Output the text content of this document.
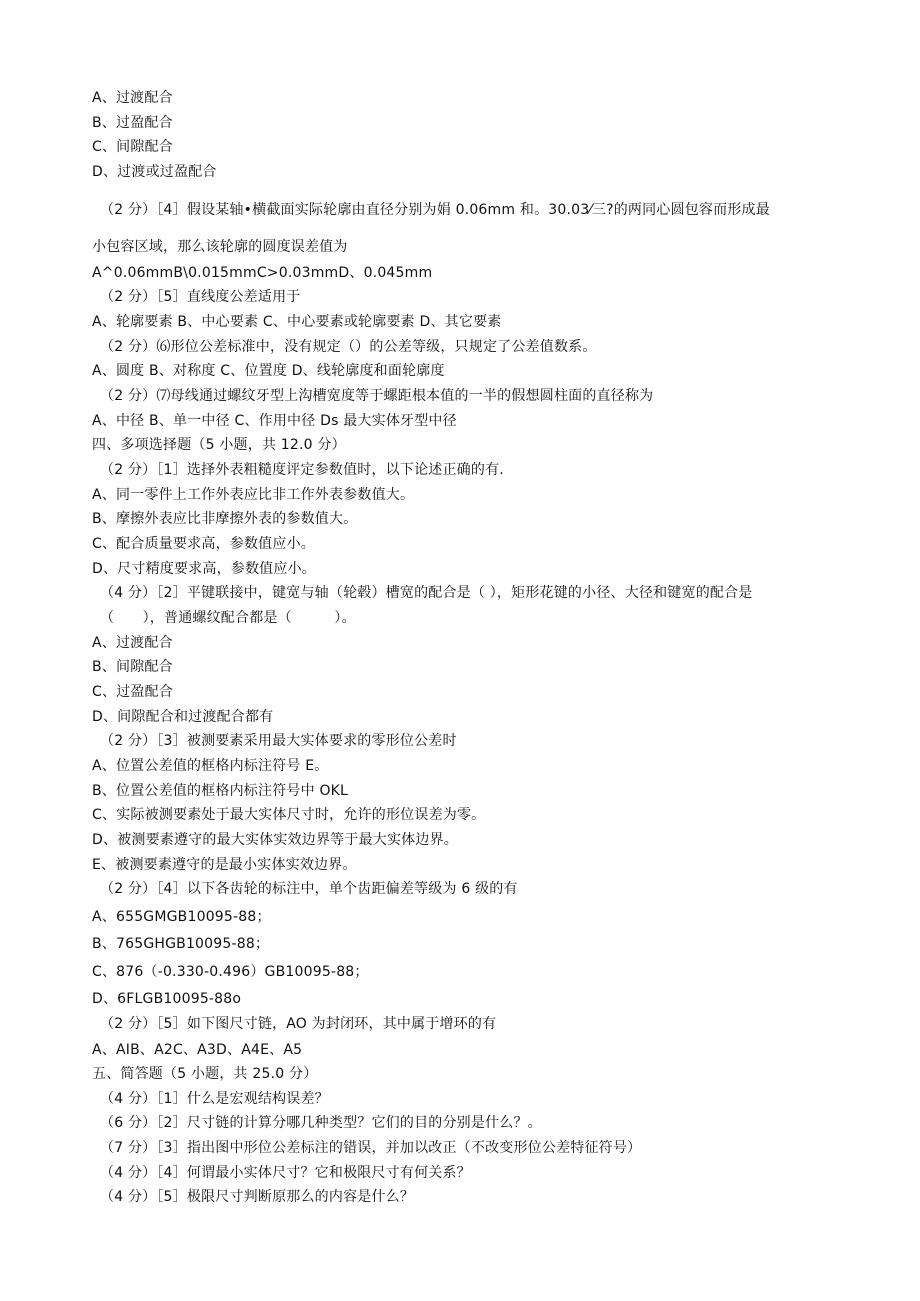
A、过渡配合
B、过盈配合
C、间隙配合
D、过渡或过盈配合
（2 分）［4］假设某轴•横截面实际轮廓由直径分别为娟 0.06mm 和。30.03⁄三?的两同心圆包容而形成最
小包容区域，那么该轮廓的圆度误差值为
A^0.06mmB\0.015mmC>0.03mmD、0.045mm
（2 分）［5］直线度公差适用于
A、轮廓要素 B、中心要素 C、中心要素或轮廓要素 D、其它要素
（2 分）⑹形位公差标准中，没有规定（）的公差等级，只规定了公差值数系。
A、圆度 B、对称度 C、位置度 D、线轮廓度和面轮廓度
（2 分）⑺母线通过螺纹牙型上沟槽宽度等于螺距根本值的一半的假想圆柱面的直径称为
A、中径 B、单一中径 C、作用中径 Ds 最大实体牙型中径
四、多项选择题（5 小题，共 12.0 分）
（2 分）［1］选择外表粗糙度评定参数值时，以下论述正确的有.
A、同一零件上工作外表应比非工作外表参数值大。
B、摩擦外表应比非摩擦外表的参数值大。
C、配合质量要求高，参数值应小。
D、尺寸精度要求高，参数值应小。
（4 分）［2］平键联接中，键宽与轴（轮毂）槽宽的配合是（ ），矩形花键的小径、大径和键宽的配合是
（　　），普通螺纹配合都是（　　　）。
A、过渡配合
B、间隙配合
C、过盈配合
D、间隙配合和过渡配合都有
（2 分）［3］被测要素采用最大实体要求的零形位公差时
A、位置公差值的框格内标注符号 E。
B、位置公差值的框格内标注符号中 OKL
C、实际被测要素处于最大实体尺寸时，允许的形位误差为零。
D、被测要素遵守的最大实体实效边界等于最大实体边界。
E、被测要素遵守的是最小实体实效边界。
（2 分）［4］以下各齿轮的标注中，单个齿距偏差等级为 6 级的有
A、655GMGB10095-88；
B、765GHGB10095-88；
C、876（-0.330-0.496）GB10095-88；
D、6FLGB10095-88o
（2 分）［5］如下图尺寸链，AO 为封闭环，其中属于增环的有
A、AIB、A2C、A3D、A4E、A5
五、简答题（5 小题，共 25.0 分）
（4 分）［1］什么是宏观结构误差？
（6 分）［2］尺寸链的计算分哪几种类型？它们的目的分别是什么？。
（7 分）［3］指出图中形位公差标注的错误，并加以改正（不改变形位公差特征符号）
（4 分）［4］何谓最小实体尺寸？它和极限尺寸有何关系？
（4 分）［5］极限尺寸判断原那么的内容是什么？
